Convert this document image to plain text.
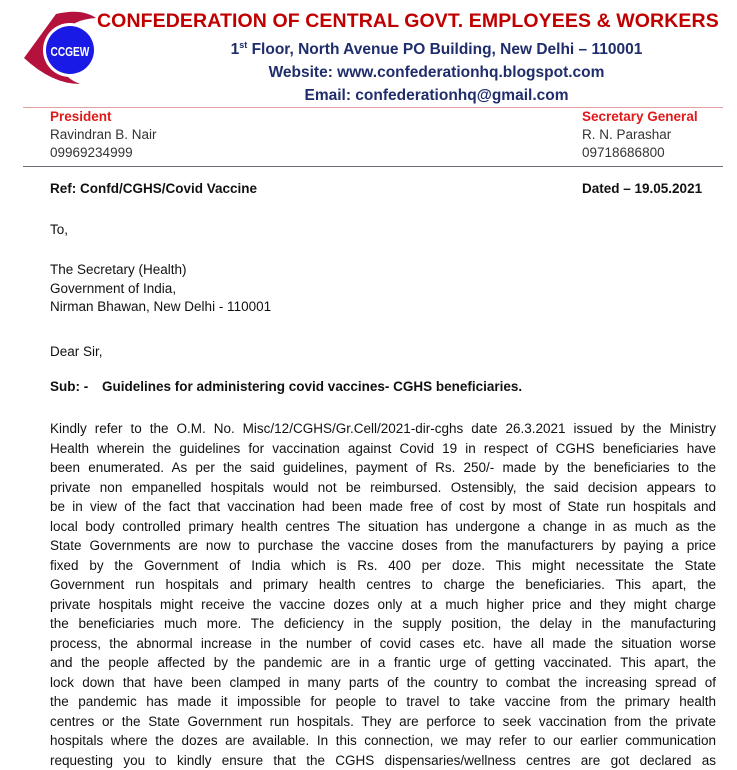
CCGEW
CONFEDERATION OF CENTRAL GOVT. EMPLOYEES & WORKERS
1st Floor, North Avenue PO Building, New Delhi – 110001
Website: www.confederationhq.blogspot.com
Email: confederationhq@gmail.com
President
Ravindran B. Nair
09969234999
Secretary General
R. N. Parashar
09718686800
Ref: Confd/CGHS/Covid Vaccine	Dated – 19.05.2021
To,
The Secretary (Health)
Government of India,
Nirman Bhawan, New Delhi - 110001
Dear Sir,
Sub: - Guidelines for administering covid vaccines- CGHS beneficiaries.
Kindly refer to the O.M. No. Misc/12/CGHS/Gr.Cell/2021-dir-cghs date 26.3.2021 issued by the Ministry
Health wherein the guidelines for vaccination against Covid 19 in respect of CGHS beneficiaries have
been enumerated. As per the said guidelines, payment of Rs. 250/- made by the beneficiaries to the
private non empanelled hospitals would not be reimbursed. Ostensibly, the said decision appears to
be in view of the fact that vaccination had been made free of cost by most of State run hospitals and
local body controlled primary health centres The situation has undergone a change in as much as the
State Governments are now to purchase the vaccine doses from the manufacturers by paying a price
fixed by the Government of India which is Rs. 400 per doze. This might necessitate the State
Government run hospitals and primary health centres to charge the beneficiaries. This apart, the
private hospitals might receive the vaccine dozes only at a much higher price and they might charge
the beneficiaries much more. The deficiency in the supply position, the delay in the manufacturing
process, the abnormal increase in the number of covid cases etc. have all made the situation worse
and the people affected by the pandemic are in a frantic urge of getting vaccinated. This apart, the
lock down that have been clamped in many parts of the country to combat the increasing spread of
the pandemic has made it impossible for people to travel to take vaccine from the primary health
centres or the State Government run hospitals. They are perforce to seek vaccination from the private
hospitals where the dozes are available. In this connection, we may refer to our earlier communication
requesting you to kindly ensure that the CGHS dispensaries/wellness centres are got declared as
